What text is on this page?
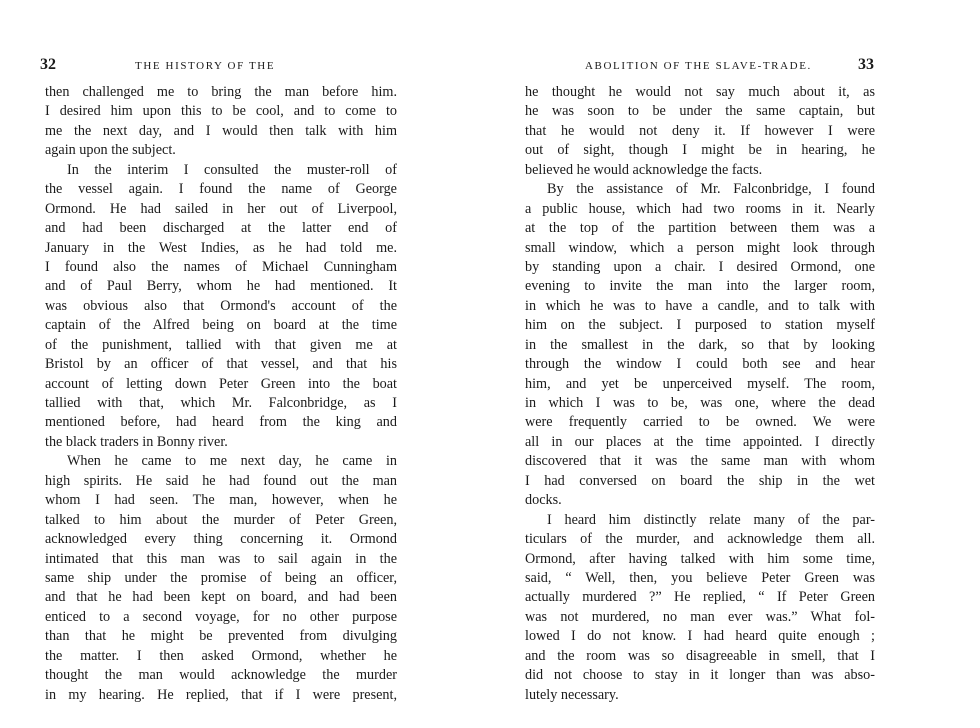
32	THE HISTORY OF THE
then challenged me to bring the man before him.
I desired him upon this to be cool, and to come to
me the next day, and I would then talk with him
again upon the subject.
In the interim I consulted the muster-roll of
the vessel again. I found the name of George
Ormond. He had sailed in her out of Liverpool,
and had been discharged at the latter end of
January in the West Indies, as he had told me.
I found also the names of Michael Cunningham
and of Paul Berry, whom he had mentioned. It
was obvious also that Ormond's account of the
captain of the Alfred being on board at the time
of the punishment, tallied with that given me at
Bristol by an officer of that vessel, and that his
account of letting down Peter Green into the boat
tallied with that, which Mr. Falconbridge, as I
mentioned before, had heard from the king and
the black traders in Bonny river.
When he came to me next day, he came in
high spirits. He said he had found out the man
whom I had seen. The man, however, when he
talked to him about the murder of Peter Green,
acknowledged every thing concerning it. Ormond
intimated that this man was to sail again in the
same ship under the promise of being an officer,
and that he had been kept on board, and had been
enticed to a second voyage, for no other purpose
than that he might be prevented from divulging
the matter. I then asked Ormond, whether he
thought the man would acknowledge the murder
in my hearing. He replied, that if I were present,
ABOLITION OF THE SLAVE-TRADE.	33
he thought he would not say much about it, as
he was soon to be under the same captain, but
that he would not deny it. If however I were
out of sight, though I might be in hearing, he
believed he would acknowledge the facts.
By the assistance of Mr. Falconbridge, I found
a public house, which had two rooms in it. Nearly
at the top of the partition between them was a
small window, which a person might look through
by standing upon a chair. I desired Ormond, one
evening to invite the man into the larger room,
in which he was to have a candle, and to talk with
him on the subject. I purposed to station myself
in the smallest in the dark, so that by looking
through the window I could both see and hear
him, and yet be unperceived myself. The room,
in which I was to be, was one, where the dead
were frequently carried to be owned. We were
all in our places at the time appointed. I directly
discovered that it was the same man with whom
I had conversed on board the ship in the wet
docks.
I heard him distinctly relate many of the par-
ticulars of the murder, and acknowledge them all.
Ormond, after having talked with him some time,
said, “ Well, then, you believe Peter Green was
actually murdered ?” He replied, “ If Peter Green
was not murdered, no man ever was.” What fol-
lowed I do not know. I had heard quite enough ;
and the room was so disagreeable in smell, that I
did not choose to stay in it longer than was abso-
lutely necessary.
